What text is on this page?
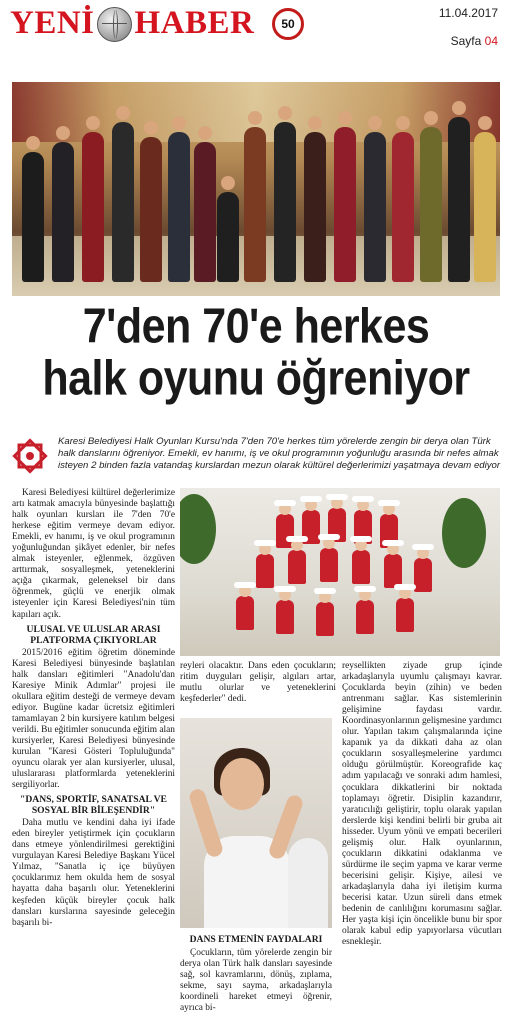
YENİ HABER	50
11.04.2017
Sayfa 04
7'den 70'e herkes
halk oyunu öğreniyor
Karesi Belediyesi Halk Oyunları Kursu'nda 7'den 70'e herkes tüm yörelerde zengin bir derya olan Türk halk danslarını öğreniyor. Emekli, ev hanımı, iş ve okul programının yoğunluğu arasında bir nefes almak isteyen 2 binden fazla vatandaş kurslardan mezun olarak kültürel değerlerimizi yaşatmaya devam ediyor

Karesi Belediyesi kültürel değerlerimize artı katmak amacıyla bünyesinde başlattığı halk oyunları kursları ile 7'den 70'e herkese eğitim vermeye devam ediyor. Emekli, ev hanımı, iş ve okul programının yoğunluğundan şikâyet edenler, bir nefes almak isteyenler, eğlenmek, özgüven arttırmak, sosyalleşmek, yeteneklerini açığa çıkarmak, geleneksel bir dans öğrenmek, güçlü ve enerjik olmak isteyenler için Karesi Belediyesi'nin tüm kapıları açık.

ULUSAL VE ULUSLAR ARASI PLATFORMA ÇIKIYORLAR

2015/2016 eğitim öğretim döneminde Karesi Belediyesi bünyesinde başlatılan halk dansları eğitimleri "Anadolu'dan Karesiye Minik Adımlar" projesi ile okullara eğitim desteği de vermeye devam ediyor. Bugüne kadar ücretsiz eğitimleri tamamlayan 2 bin kursiyere katılım belgesi verildi. Bu eğitimler sonucunda eğitim alan kursiyerler, Karesi Belediyesi bünyesinde kurulan "Karesi Gösteri Topluluğunda" oyuncu olarak yer alan kursiyerler, ulusal, uluslararası platformlarda yeteneklerini sergiliyorlar.

"DANS, SPORTİF, SANATSAL VE SOSYAL BİR BİLEŞENDİR"

Daha mutlu ve kendini daha iyi ifade eden bireyler yetiştirmek için çocukların dans etmeye yönlendirilmesi gerektiğini vurgulayan Karesi Belediye Başkanı Yücel Yılmaz, "Sanatla iç içe büyüyen çocuklarımız hem okulda hem de sosyal hayatta daha başarılı olur. Yeteneklerini keşfeden küçük bireyler çocuk halk dansları kurslarına sayesinde geleceğin başarılı bi-

reyleri olacaktır. Dans eden çocukların; ritim duyguları gelişir, algıları artar, mutlu olurlar ve yeteneklerini keşfederler" dedi.

DANS ETMENİN FAYDALARI

Çocukların, tüm yörelerde zengin bir derya olan Türk halk dansları sayesinde sağ, sol kavramlarını, dönüş, zıplama, sekme, sayı sayma, arkadaşlarıyla koordineli hareket etmeyi öğrenir, ayrıca bi-

reysellikten ziyade grup içinde arkadaşlarıyla uyumlu çalışmayı kavrar. Çocuklarda beyin (zihin) ve beden antrenmanı sağlar. Kas sistemlerinin gelişimine faydası vardır. Koordinasyonlarının gelişmesine yardımcı olur. Yapılan takım çalışmalarında içine kapanık ya da dikkati daha az olan çocukların sosyalleşmelerine yardımcı olduğu görülmüştür. Koreografide kaç adım yapılacağı ve sonraki adım hamlesi, çocuklara dikkatlerini bir noktada toplamayı öğretir. Disiplin kazandırır, yaratıcılığı geliştirir, toplu olarak yapılan derslerde kişi kendini belirli bir gruba ait hisseder. Uyum yönü ve empati becerileri gelişmiş olur. Halk oyunlarının, çocukların dikkatini odaklanma ve sürdürme ile seçim yapma ve karar verme becerisini gelişir. Kişiye, ailesi ve arkadaşlarıyla daha iyi iletişim kurma becerisi katar. Uzun süreli dans etmek bedenin de canlılığını korumasını sağlar. Her yaşta kişi için öncelikle bunu bir spor olarak kabul edip yapıyorlarsa vücutları esnekleşir.
